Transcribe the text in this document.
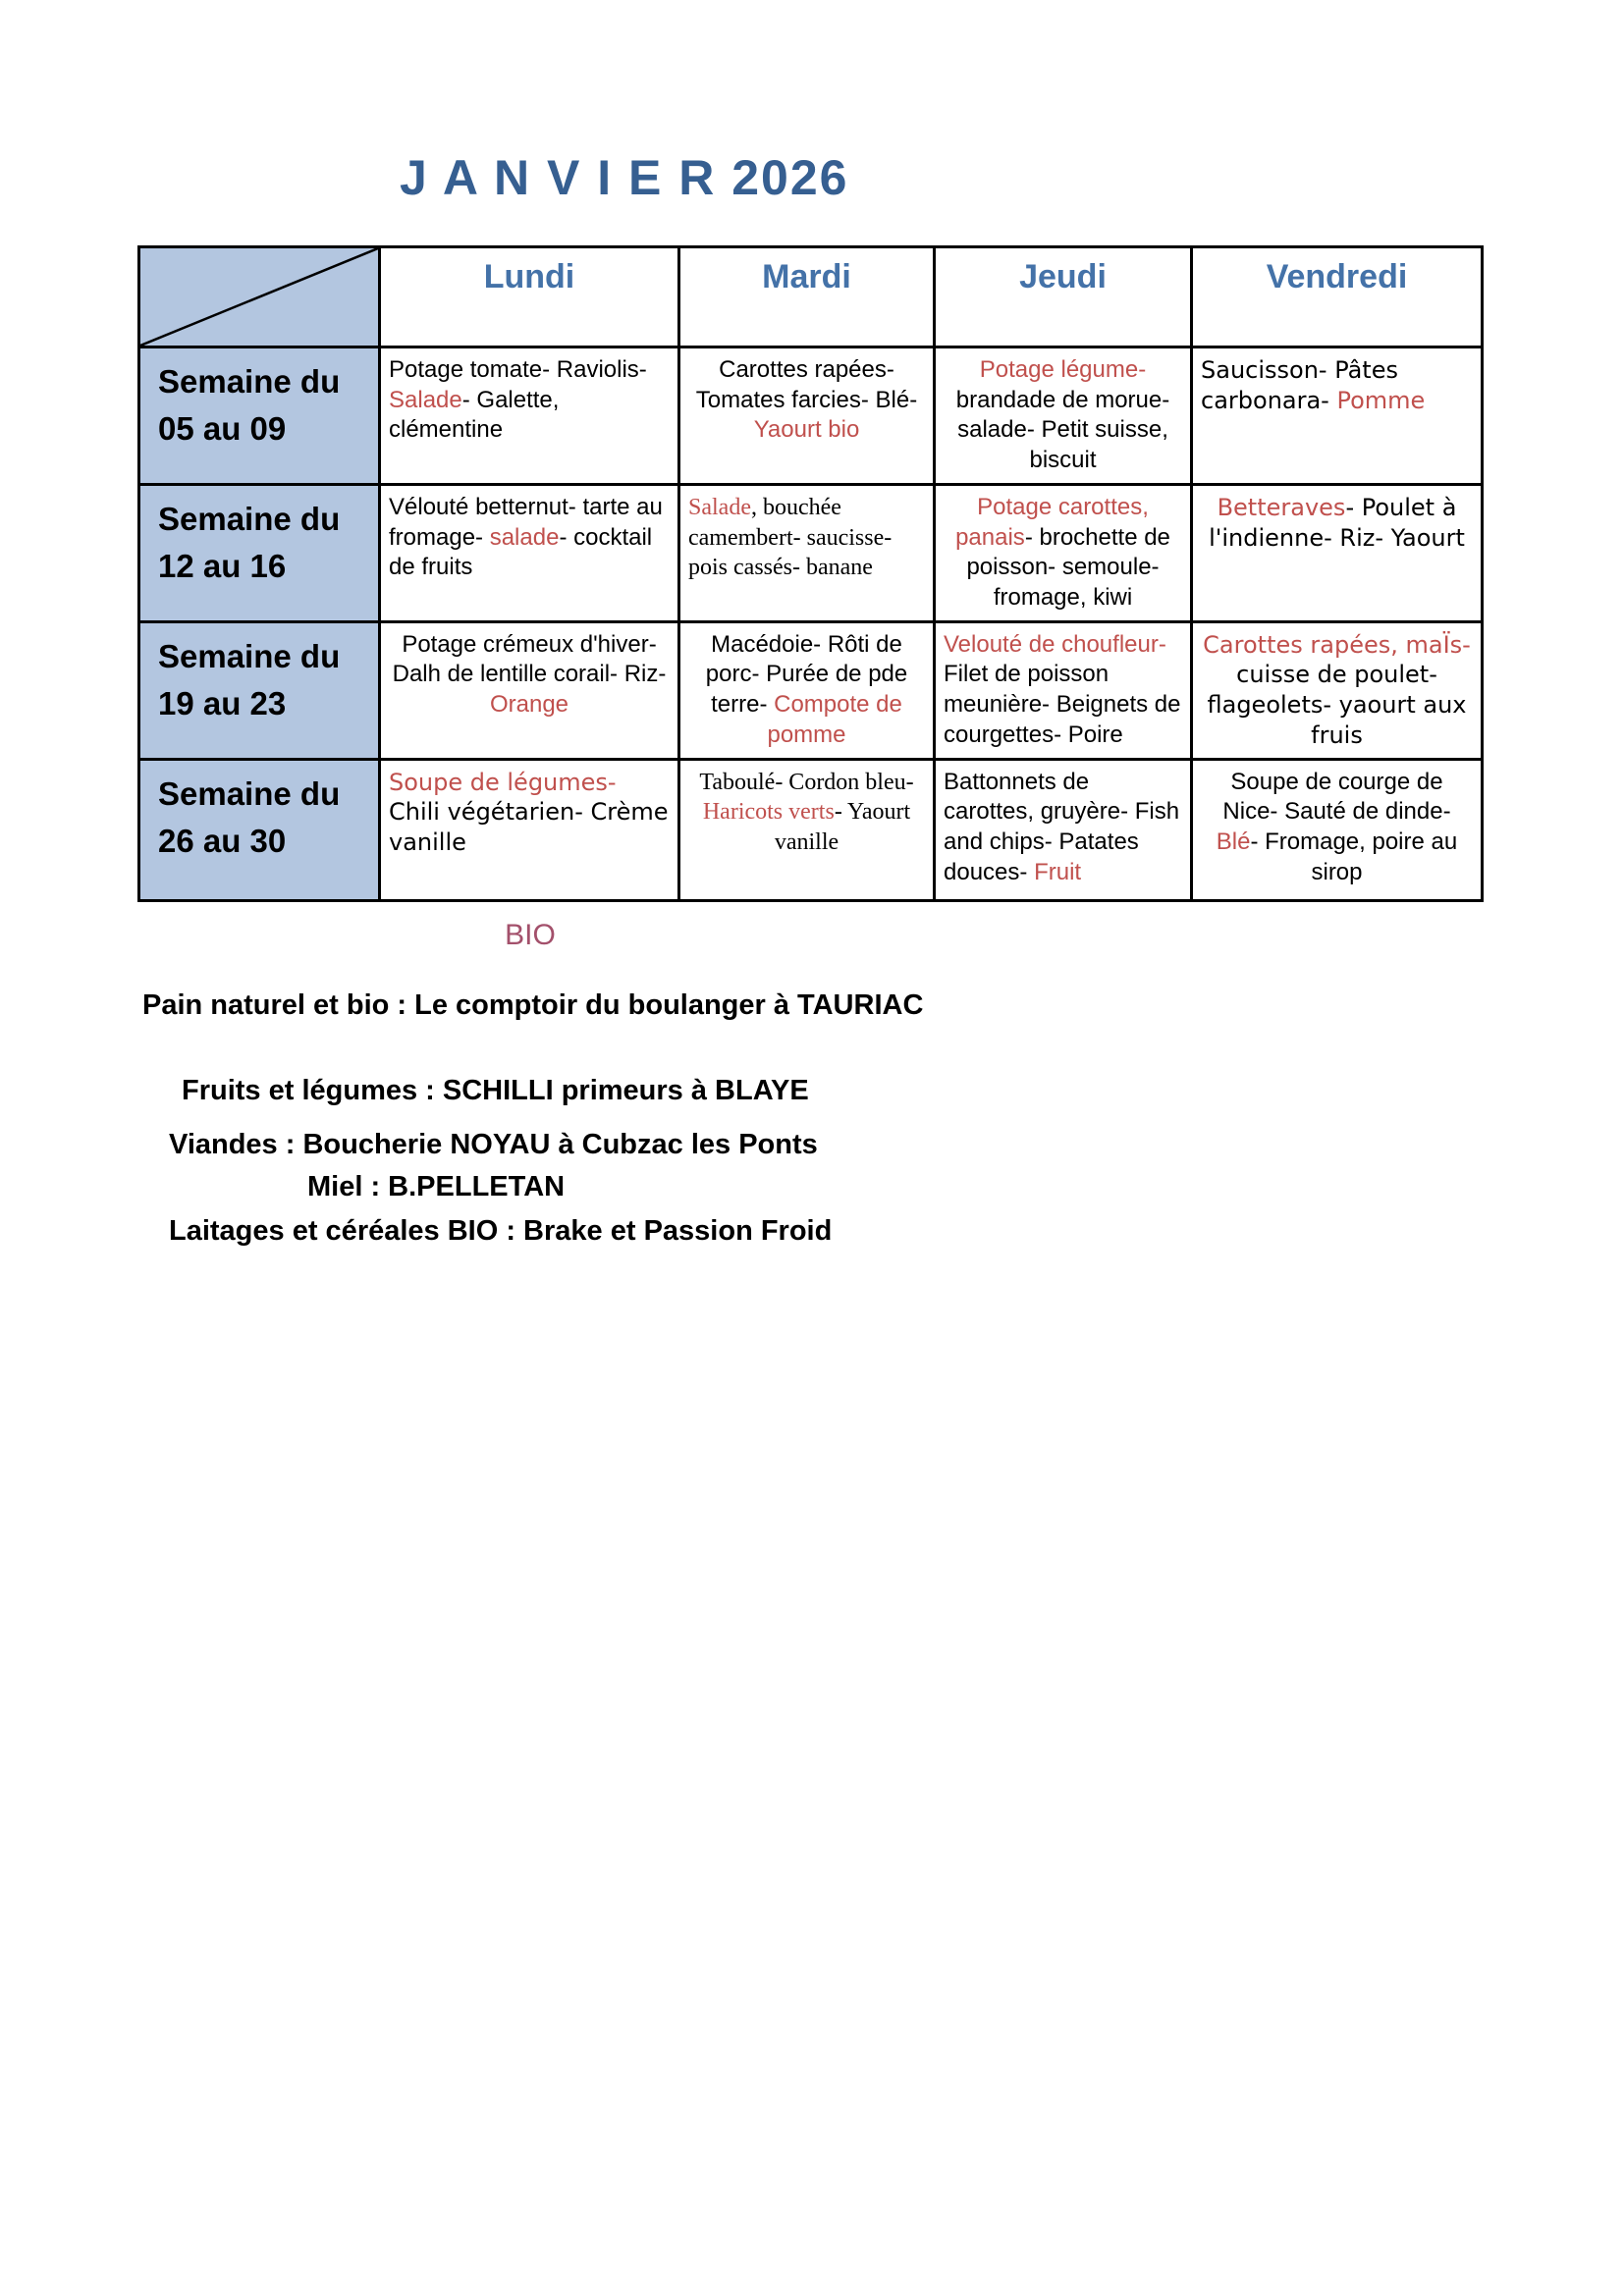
J A N V I E R 2026
	Lundi	Mardi	Jeudi	Vendredi
Semaine du 05 au 09	Potage tomate- Raviolis- Salade- Galette, clémentine	Carottes rapées- Tomates farcies- Blé- Yaourt bio	Potage légume- brandade de morue- salade- Petit suisse, biscuit	Saucisson- Pâtes carbonara- Pomme
Semaine du 12 au 16	Vélouté betternut- tarte au fromage- salade- cocktail de fruits	Salade, bouchée camembert- saucisse- pois cassés- banane	Potage carottes, panais- brochette de poisson- semoule- fromage, kiwi	Betteraves- Poulet à l'indienne- Riz- Yaourt
Semaine du 19 au 23	Potage crémeux d'hiver- Dalh de lentille corail- Riz- Orange	Macédoie- Rôti de porc- Purée de pde terre- Compote de pomme	Velouté de choufleur- Filet de poisson meunière- Beignets de courgettes- Poire	Carottes rapées, maÏs- cuisse de poulet- flageolets- yaourt aux fruis
Semaine du 26 au 30	Soupe de légumes- Chili végétarien- Crème vanille	Taboulé- Cordon bleu- Haricots verts- Yaourt vanille	Battonnets de carottes, gruyère- Fish and chips- Patates douces- Fruit	Soupe de courge de Nice- Sauté de dinde- Blé- Fromage, poire au sirop
BIO
Pain naturel et bio : Le comptoir du boulanger à TAURIAC
Fruits et légumes : SCHILLI primeurs à BLAYE
Viandes : Boucherie NOYAU à Cubzac les Ponts
Miel : B.PELLETAN
Laitages et céréales BIO : Brake et Passion Froid
